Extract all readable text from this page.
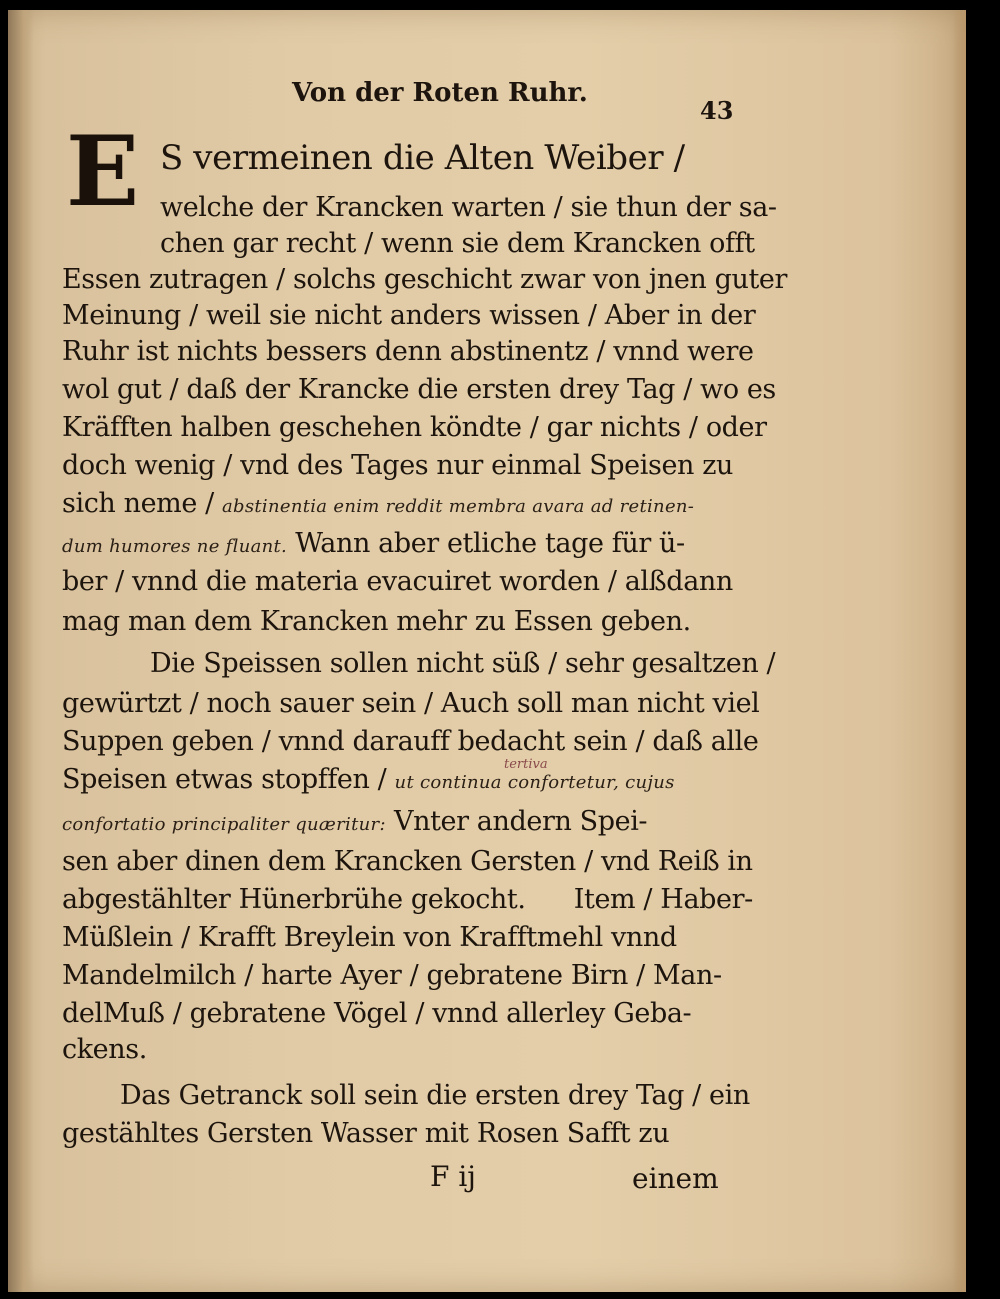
Von der Roten Ruhr.
43
E S vermeinen die Alten Weiber /
welche der Krancken warten / sie thun der sa-
chen gar recht / wenn sie dem Krancken offt
Essen zutragen / solchs geschicht zwar von jnen guter
Meinung / weil sie nicht anders wissen / Aber in der
Ruhr ist nichts bessers denn abstinentz / vnnd were
wol gut / daß der Krancke die ersten drey Tag / wo es
Kräfften halben geschehen köndte / gar nichts / oder
doch wenig / vnd des Tages nur einmal Speisen zu
sich neme / abstinentia enim reddit membra avara ad retinen-
dum humores ne fluant. Wann aber etliche tage für ü-
ber / vnnd die materia evacuiret worden / alßdann
mag man dem Krancken mehr zu Essen geben.
Die Speissen sollen nicht süß / sehr gesaltzen /
gewürtzt / noch sauer sein / Auch soll man nicht viel
Suppen geben / vnnd darauff bedacht sein / daß alle
Speisen etwas stopffen / ut continua confortetur, cujus
tertiva
confortatio principaliter quæritur: Vnter andern Spei-
sen aber dinen dem Krancken Gersten / vnd Reiß in
abgestählter Hünerbrühe gekocht. Item / Haber-
Müßlein / Krafft Breylein von Krafftmehl vnnd
Mandelmilch / harte Ayer / gebratene Birn / Man-
delMuß / gebratene Vögel / vnnd allerley Geba-
ckens.
Das Getranck soll sein die ersten drey Tag / ein
gestähltes Gersten Wasser mit Rosen Safft zu
F ij	einem
